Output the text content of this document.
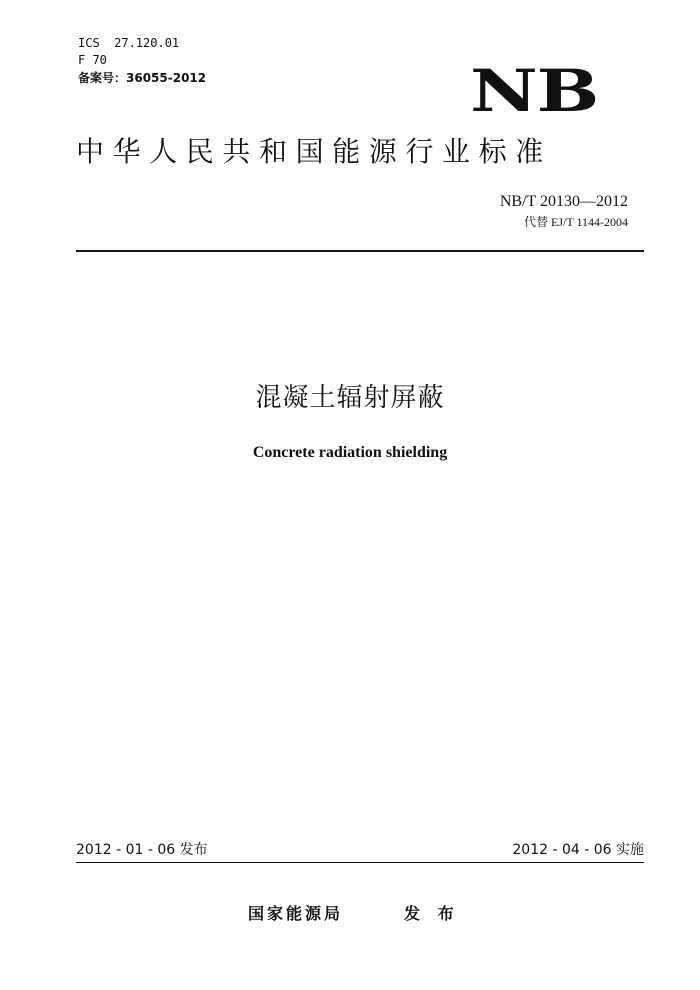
ICS  27.120.01
F 70
备案号：36055-2012	NB
中华人民共和国能源行业标准
NB/T 20130—2012
代替 EJ/T 1144-2004
混凝土辐射屏蔽
Concrete radiation shielding
2012 - 01 - 06 发布	2012 - 04 - 06 实施
国家能源局	发 布
